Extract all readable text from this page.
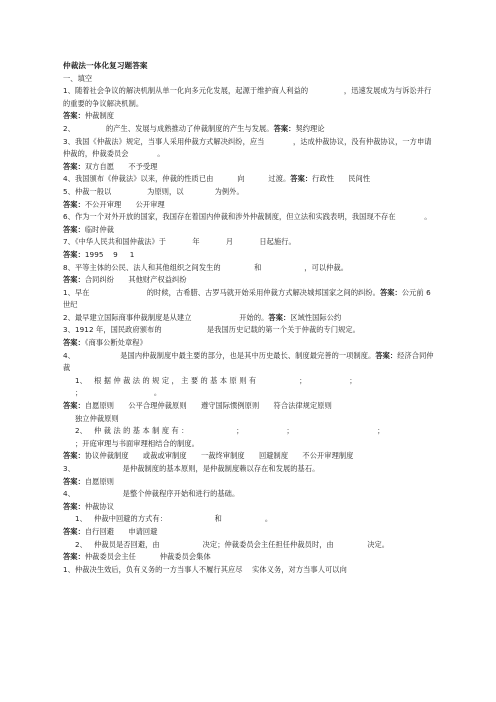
仲裁法一体化复习题答案
一、填空
1、随着社会争议的解决机制从单一化向多元化发展，起源于维护商人利益的               ，迅速发展成为与诉讼并行的重要的争议解决机制。
答案：仲裁制度
2、             的产生、发展与成熟推动了仲裁制度的产生与发展。答案：契约理论
3、我国《仲裁法》规定，当事人采用仲裁方式解决纠纷，应当            ，达成仲裁协议，没有仲裁协议，一方申请仲裁的，仲裁委员会            。
答案：双方自愿      不予受理
4、我国颁布《仲裁法》以来，仲裁的性质已由          向          过渡。答案：行政性      民间性
5、仲裁一般以               为原则，以             为例外。
答案：不公开审理      公开审理
6、作为一个对外开放的国家，我国存在着国内仲裁和涉外仲裁制度，但立法和实践表明，我国现不存在            。答案：临时仲裁
7、《中华人民共和国仲裁法》于           年           月           日起施行。
答案：1995    9     1
8、平等主体的公民、法人和其他组织之间发生的              和                  ，可以仲裁。
答案：合同纠纷      其他财产权益纠纷
1、早在                        的时候，古希腊、古罗马就开始采用仲裁方式解决城邦国家之间的纠纷。答案：公元前 6 世纪
2、最早建立国际商事仲裁制度是从建立                    开始的。答案：区域性国际公约
3、1912 年，国民政府颁布的                   是我国历史记载的第一个关于仲裁的专门规定。
答案：《商事公断处章程》
4、                   是国内仲裁制度中最主要的部分，也是其中历史最长、制度最完善的一项制度。答案：经济合同仲裁
1、   根 据 仲 裁 法 的 规 定 ， 主 要 的 基 本 原 则 有                  ；                  ；                                       ；                              。
答案：自愿原则      公平合理仲裁原则      遵守国际惯例原则      符合法律规定原则
独立仲裁原则
2、   仲 裁 法 的 基 本 制 度 有 ：                    ；                  ；                                   ；                    ；开庭审理与书面审理相结合的制度。
答案：协议仲裁制度      或裁或审制度      一裁终审制度      回避制度      不公开审理制度
3、                    是仲裁制度的基本原则，是仲裁制度赖以存在和发展的基石。
答案：自愿原则
4、                    是整个仲裁程序开始和进行的基础。
答案：仲裁协议
1、   仲裁中回避的方式有：                    和                  。
答案：自行回避      申请回避
2、   仲裁员是否回避，由                  决定；仲裁委员会主任担任仲裁员时，由              决定。
答案：仲裁委员会主任          仲裁委员会集体
1、仲裁决生效后，负有义务的一方当事人不履行其应尽    实体义务，对方当事人可以向
